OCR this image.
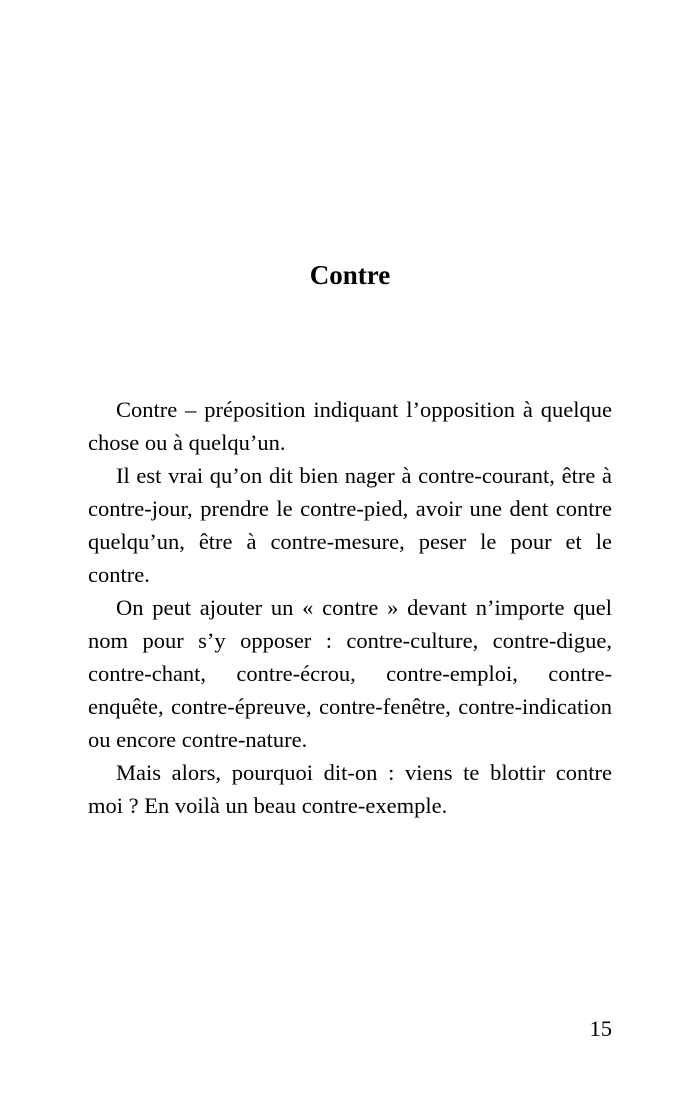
Contre

Contre – préposition indiquant l’opposition à quelque chose ou à quelqu’un.

Il est vrai qu’on dit bien nager à contre-courant, être à contre-jour, prendre le contre-pied, avoir une dent contre quelqu’un, être à contre-mesure, peser le pour et le contre.

On peut ajouter un « contre » devant n’importe quel nom pour s’y opposer : contre-culture, contre-digue, contre-chant, contre-écrou, contre-emploi, contre-enquête, contre-épreuve, contre-fenêtre, contre-indication ou encore contre-nature.

Mais alors, pourquoi dit-on : viens te blottir contre moi ? En voilà un beau contre-exemple.

15
